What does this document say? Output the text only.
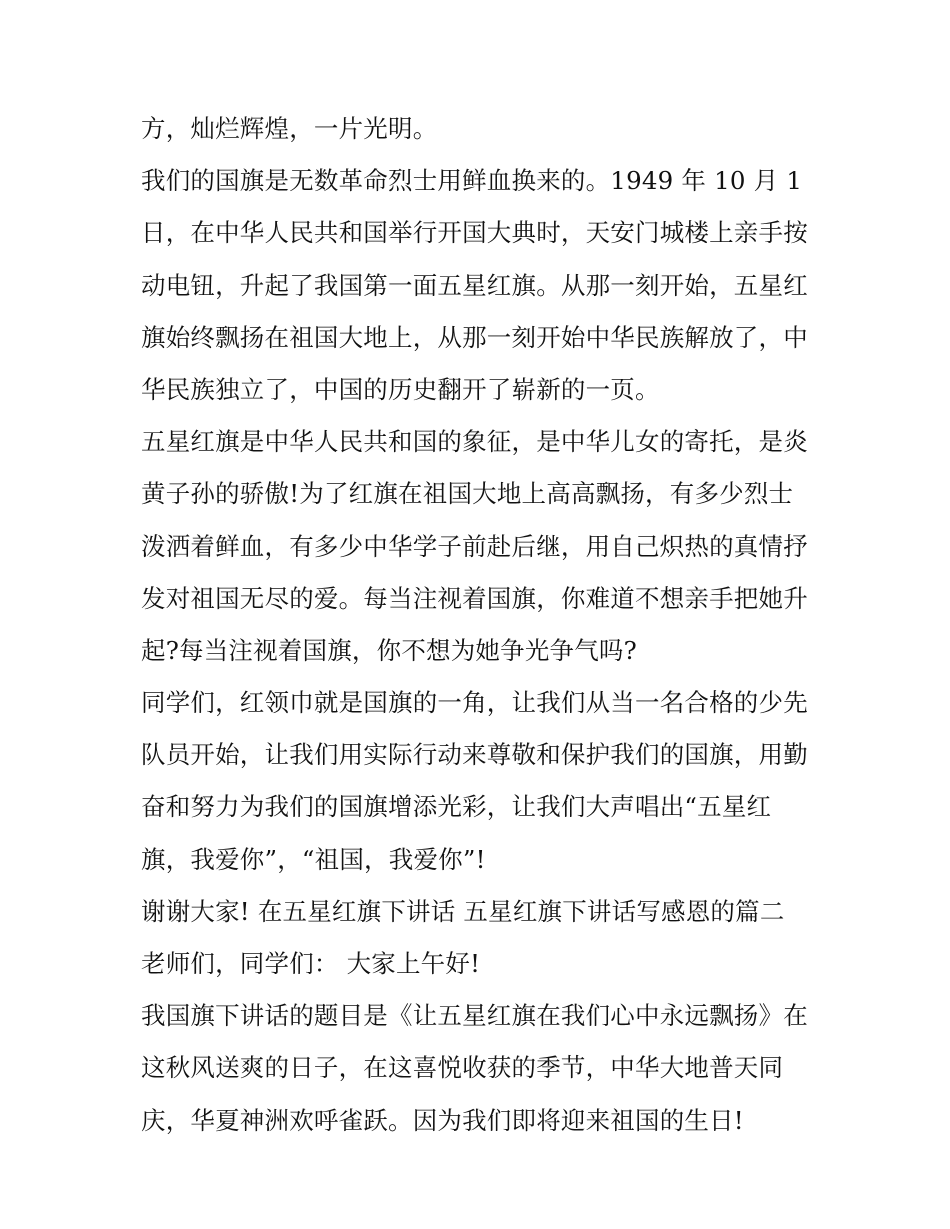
方，灿烂辉煌，一片光明。
我们的国旗是无数革命烈士用鲜血换来的。1949 年 10 月 1
日，在中华人民共和国举行开国大典时，天安门城楼上亲手按
动电钮，升起了我国第一面五星红旗。从那一刻开始，五星红
旗始终飘扬在祖国大地上，从那一刻开始中华民族解放了，中
华民族独立了，中国的历史翻开了崭新的一页。
五星红旗是中华人民共和国的象征，是中华儿女的寄托，是炎
黄子孙的骄傲!为了红旗在祖国大地上高高飘扬，有多少烈士
泼洒着鲜血，有多少中华学子前赴后继，用自己炽热的真情抒
发对祖国无尽的爱。每当注视着国旗，你难道不想亲手把她升
起?每当注视着国旗，你不想为她争光争气吗?
同学们，红领巾就是国旗的一角，让我们从当一名合格的少先
队员开始，让我们用实际行动来尊敬和保护我们的国旗，用勤
奋和努力为我们的国旗增添光彩，让我们大声唱出“五星红
旗，我爱你”，“祖国，我爱你”!
谢谢大家! 在五星红旗下讲话 五星红旗下讲话写感恩的篇二
老师们，同学们： 大家上午好!
我国旗下讲话的题目是《让五星红旗在我们心中永远飘扬》在
这秋风送爽的日子，在这喜悦收获的季节，中华大地普天同
庆，华夏神洲欢呼雀跃。因为我们即将迎来祖国的生日!
